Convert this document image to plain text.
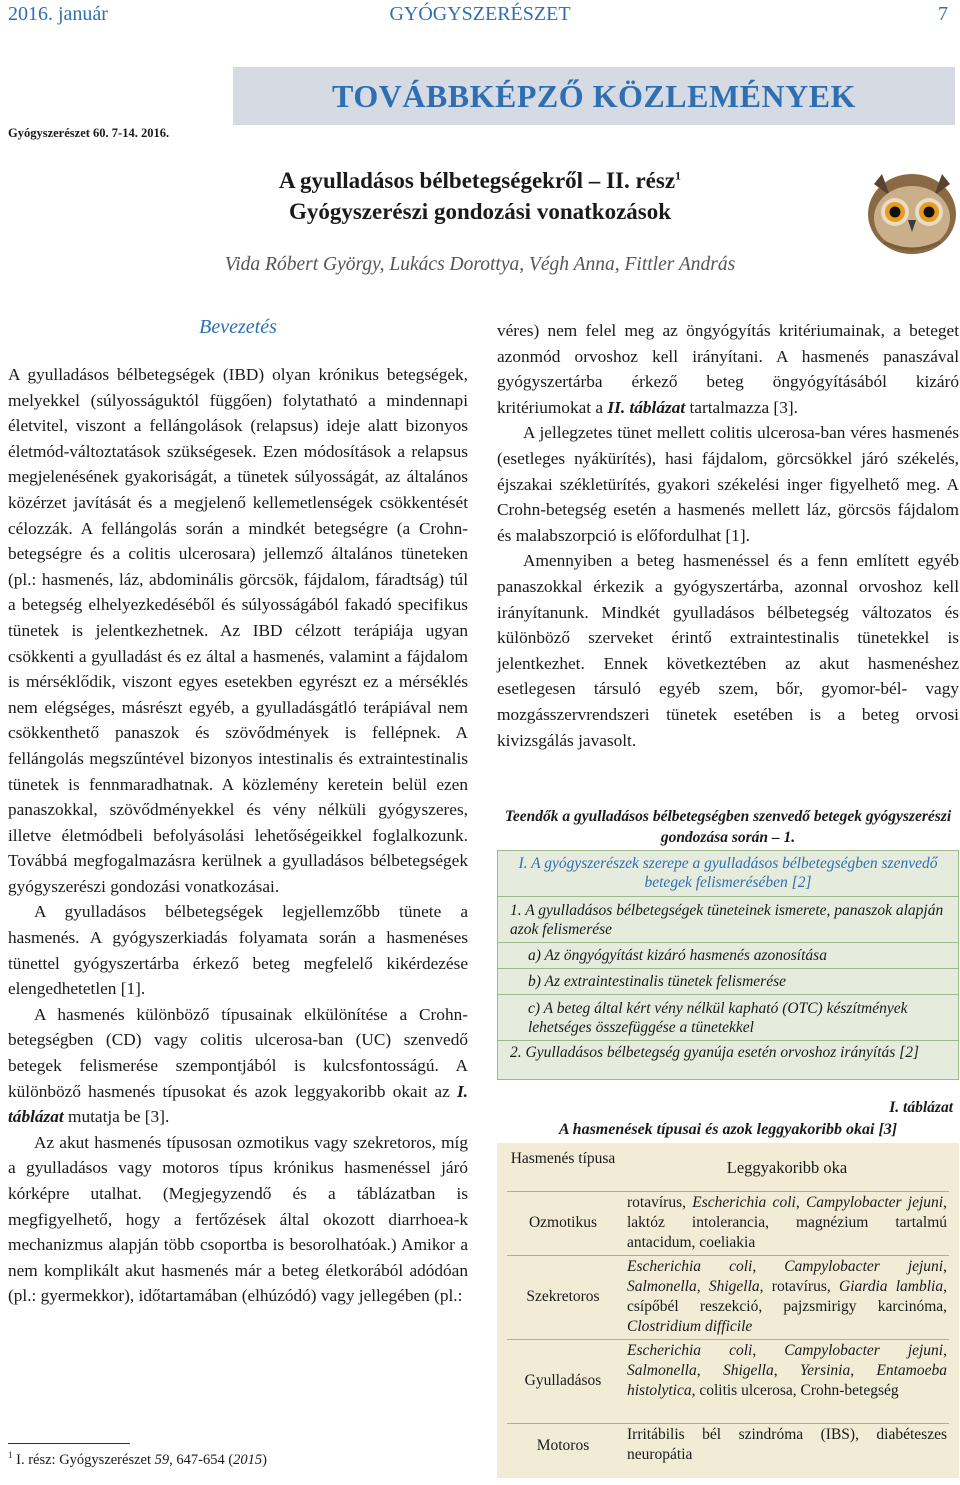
2016. január	GYÓGYSZERÉSZET	7
TOVÁBBKÉPZŐ KÖZLEMÉNYEK
Gyógyszerészet 60. 7-14. 2016.
A gyulladásos bélbetegségekről – II. rész$^1$
Gyógyszerészi gondozási vonatkozások
Vida Róbert György, Lukács Dorottya, Végh Anna, Fittler András
Bevezetés

A gyulladásos bélbetegségek (IBD) olyan krónikus betegségek, melyekkel (súlyosságuktól függően) folytatható a mindennapi életvitel, viszont a fellángolások (relapsus) ideje alatt bizonyos életmód-változtatások szükségesek. Ezen módosítások a relapsus megjelenésének gyakoriságát, a tünetek súlyosságát, az általános közérzet javítását és a megjelenő kellemetlenségek csökkentését célozzák. A fellángolás során a mindkét betegségre (a Crohn-betegségre és a colitis ulcerosara) jellemző általános tüneteken (pl.: hasmenés, láz, abdominális görcsök, fájdalom, fáradtság) túl a betegség elhelyezkedéséből és súlyosságából fakadó specifikus tünetek is jelentkezhetnek. Az IBD célzott terápiája ugyan csökkenti a gyulladást és ez által a hasmenés, valamint a fájdalom is mérséklődik, viszont egyes esetekben egyrészt ez a mérséklés nem elégséges, másrészt egyéb, a gyulladásgátló terápiával nem csökkenthető panaszok és szövődmények is fellépnek. A fellángolás megszűntével bizonyos intestinalis és extraintestinalis tünetek is fennmaradhatnak. A közlemény keretein belül ezen panaszokkal, szövődményekkel és vény nélküli gyógyszeres, illetve életmódbeli befolyásolási lehetőségeikkel foglalkozunk. Továbbá megfogalmazásra kerülnek a gyulladásos bélbetegségek gyógyszerészi gondozási vonatkozásai.

A gyulladásos bélbetegségek legjellemzőbb tünete a hasmenés. A gyógyszerkiadás folyamata során a hasmenéses tünettel gyógyszertárba érkező beteg megfelelő kikérdezése elengedhetetlen [1].

A hasmenés különböző típusainak elkülönítése a Crohn-betegségben (CD) vagy colitis ulcerosa-ban (UC) szenvedő betegek felismerése szempontjából is kulcsfontosságú. A különböző hasmenés típusokat és azok leggyakoribb okait az I. táblázat mutatja be [3].

Az akut hasmenés típusosan ozmotikus vagy szekretoros, míg a gyulladásos vagy motoros típus krónikus hasmenéssel járó kórképre utalhat. (Megjegyzendő és a táblázatban is megfigyelhető, hogy a fertőzések által okozott diarrhoea-k mechanizmus alapján több csoportba is besorolhatóak.) Amikor a nem komplikált akut hasmenés már a beteg életkorából adódóan (pl.: gyermekkor), időtartamában (elhúzódó) vagy jellegében (pl.:

$^1$ I. rész: Gyógyszerészet 59, 647-654 (2015)

véres) nem felel meg az öngyógyítás kritériumainak, a beteget azonmód orvoshoz kell irányítani. A hasmenés panaszával gyógyszertárba érkező beteg öngyógyításából kizáró kritériumokat a II. táblázat tartalmazza [3].

A jellegzetes tünet mellett colitis ulcerosa-ban véres hasmenés (esetleges nyákürítés), hasi fájdalom, görcsökkel járó székelés, éjszakai székletürítés, gyakori székelési inger figyelhető meg. A Crohn-betegség esetén a hasmenés mellett láz, görcsös fájdalom és malabszorpció is előfordulhat [1].

Amennyiben a beteg hasmenéssel és a fenn említett egyéb panaszokkal érkezik a gyógyszertárba, azonnal orvoshoz kell irányítanunk. Mindkét gyulladásos bélbetegség változatos és különböző szerveket érintő extraintestinalis tünetekkel is jelentkezhet. Ennek következtében az akut hasmenéshez esetlegesen társuló egyéb szem, bőr, gyomor-bél- vagy mozgásszervrendszeri tünetek esetében is a beteg orvosi kivizsgálás javasolt.

Teendők a gyulladásos bélbetegségben szenvedő betegek gyógyszerészi gondozása során – 1.
I. A gyógyszerészek szerepe a gyulladásos bélbetegségben szenvedő betegek felismerésében [2]
1. A gyulladásos bélbetegségek tüneteinek ismerete, panaszok alapján azok felismerése
a) Az öngyógyítást kizáró hasmenés azonosítása
b) Az extraintestinalis tünetek felismerése
c) A beteg által kért vény nélkül kapható (OTC) készítmények lehetséges összefüggése a tünetekkel
2. Gyulladásos bélbetegség gyanúja esetén orvoshoz irányítás [2]
I. táblázat
A hasmenések típusai és azok leggyakoribb okai [3]
Hasmenés típusa	Leggyakoribb oka
Ozmotikus
rotavírus, Escherichia coli, Campylobacter jejuni, laktóz intolerancia, magnézium tartalmú antacidum, coeliakia
Szekretoros
Escherichia coli, Campylobacter jejuni, Salmonella, Shigella, rotavírus, Giardia lamblia, csípőbél reszekció, pajzsmirigy karcinóma, Clostridium difficile
Gyulladásos
Escherichia coli, Campylobacter jejuni, Salmonella, Shigella, Yersinia, Entamoeba histolytica, colitis ulcerosa, Crohn-betegség
Motoros
Irritábilis bél szindróma (IBS), diabéteszes neuropátia
